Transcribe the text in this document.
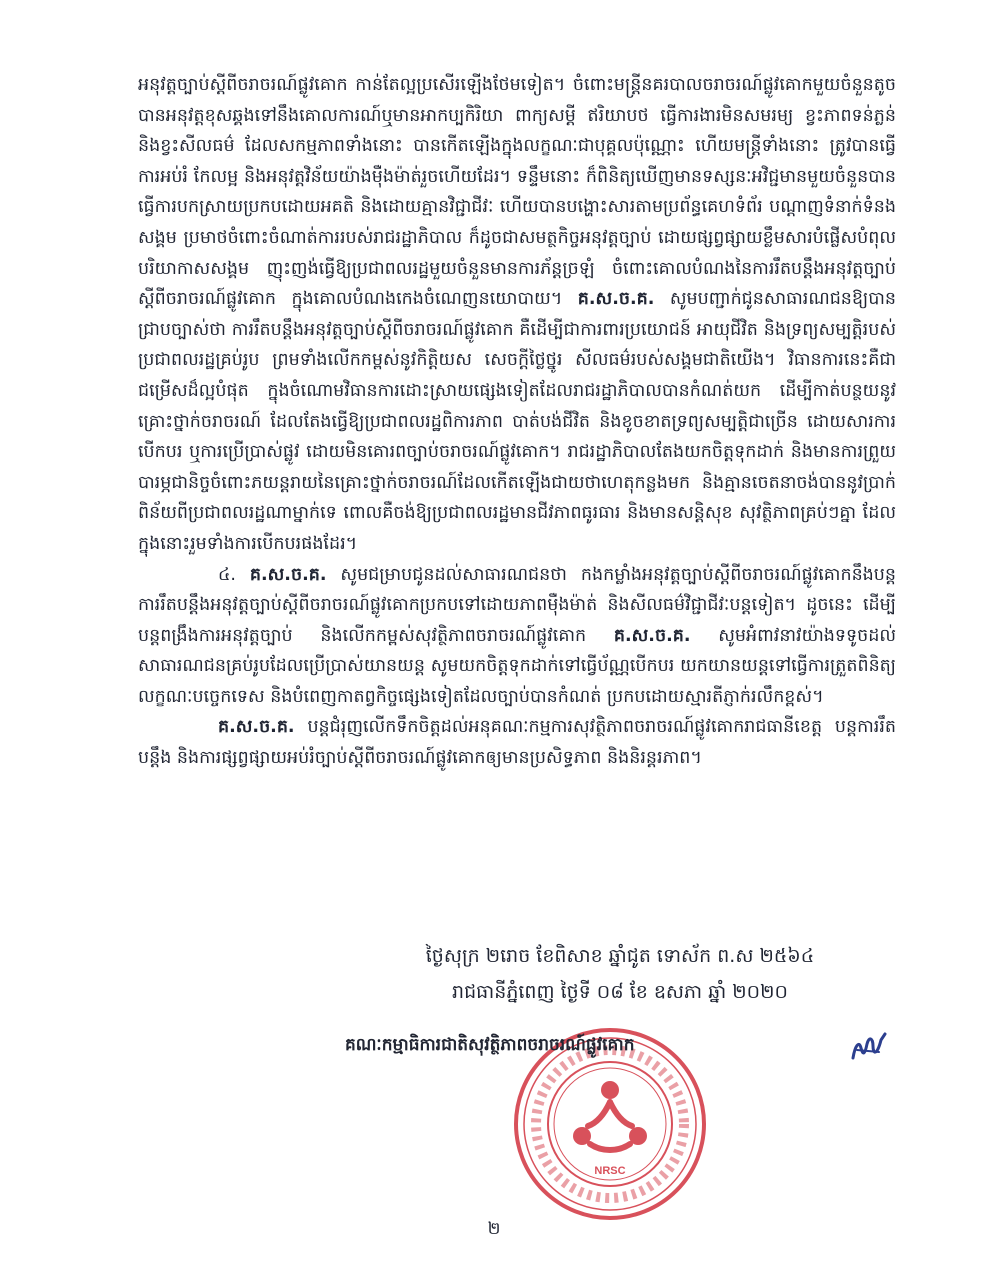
អនុវត្តច្បាប់ស្តីពីចរាចរណ៍ផ្លូវគោក កាន់តែល្អប្រសើរឡើងថែមទៀត។ ចំពោះមន្ត្រីនគរបាលចរាចរណ៍ផ្លូវគោកមួយចំនួនតូចបានអនុវត្តខុសឆ្គងទៅនឹងគោលការណ៍ឬមានអាកប្បកិរិយា ពាក្យសម្តី ឥរិយាបថ ធ្វើការងារមិនសមរម្យ ខ្វះភាពទន់ភ្លន់ និងខ្វះសីលធម៌ ដែលសកម្មភាពទាំងនោះ បានកើតឡើងក្នុងលក្ខណៈជាបុគ្គលប៉ុណ្ណោះ ហើយមន្ត្រីទាំងនោះ ត្រូវបានធ្វើការអប់រំ កែលម្អ និងអនុវត្តវិន័យយ៉ាងម៉ឺងម៉ាត់រួចហើយដែរ។ ទន្ទឹមនោះ ក៏ពិនិត្យឃើញមានទស្សនៈអវិជ្ជមានមួយចំនួនបានធ្វើការបកស្រាយប្រកបដោយអគតិ និងដោយគ្មានវិជ្ជាជីវៈ ហើយបានបង្ហោះសារតាមប្រព័ន្ធគេហទំព័រ បណ្តាញទំនាក់ទំនងសង្គម ប្រមាថចំពោះចំណាត់ការរបស់រាជរដ្ឋាភិបាល ក៏ដូចជាសមត្ថកិច្ចអនុវត្តច្បាប់ ដោយផ្សព្វផ្សាយខ្លឹមសារបំផ្លើសបំពុលបរិយាកាសសង្គម ញុះញង់ធ្វើឱ្យប្រជាពលរដ្ឋមួយចំនួនមានការភ័ន្តច្រឡំ ចំពោះគោលបំណងនៃការរឹតបន្តឹងអនុវត្តច្បាប់ស្តីពីចរាចរណ៍ផ្លូវគោក ក្នុងគោលបំណងកេងចំណេញនយោបាយ។ គ.ស.ច.គ. សូមបញ្ជាក់ជូនសាធារណជនឱ្យបានជ្រាបច្បាស់ថា ការរឹតបន្តឹងអនុវត្តច្បាប់ស្តីពីចរាចរណ៍ផ្លូវគោក គឺដើម្បីជាការពារប្រយោជន៍ អាយុជីវិត និងទ្រព្យសម្បត្តិរបស់ប្រជាពលរដ្ឋគ្រប់រូប ព្រមទាំងលើកកម្ពស់នូវកិត្តិយស សេចក្តីថ្លៃថ្នូរ សីលធម៌របស់សង្គមជាតិយើង។ វិធានការនេះគឺជាជម្រើសដ៏ល្អបំផុត ក្នុងចំណោមវិធានការដោះស្រាយផ្សេងទៀតដែលរាជរដ្ឋាភិបាលបានកំណត់យក ដើម្បីកាត់បន្ថយនូវគ្រោះថ្នាក់ចរាចរណ៍ ដែលតែងធ្វើឱ្យប្រជាពលរដ្ឋពិការភាព បាត់បង់ជីវិត និងខូចខាតទ្រព្យសម្បត្តិជាច្រើន ដោយសារការបើកបរ ឬការប្រើប្រាស់ផ្លូវ ដោយមិនគោរពច្បាប់ចរាចរណ៍ផ្លូវគោក។ រាជរដ្ឋាភិបាលតែងយកចិត្តទុកដាក់ និងមានការព្រួយបារម្ភជានិច្ចចំពោះភយន្តរាយនៃគ្រោះថ្នាក់ចរាចរណ៍ដែលកើតឡើងជាយថាហេតុកន្លងមក និងគ្មានចេតនាចង់បាននូវប្រាក់ពិន័យពីប្រជាពលរដ្ឋណាម្នាក់ទេ ពោលគឺចង់ឱ្យប្រជាពលរដ្ឋមានជីវភាពធូរធារ និងមានសន្តិសុខ សុវត្ថិភាពគ្រប់ៗគ្នា ដែលក្នុងនោះរួមទាំងការបើកបរផងដែរ។

៤. គ.ស.ច.គ. សូមជម្រាបជូនដល់សាធារណជនថា កងកម្លាំងអនុវត្តច្បាប់ស្តីពីចរាចរណ៍ផ្លូវគោកនឹងបន្តការរឹតបន្តឹងអនុវត្តច្បាប់ស្តីពីចរាចរណ៍ផ្លូវគោកប្រកបទៅដោយភាពម៉ឺងម៉ាត់ និងសីលធម៌វិជ្ជាជីវៈបន្តទៀត។ ដូចនេះ ដើម្បីបន្តពង្រឹងការអនុវត្តច្បាប់ និងលើកកម្ពស់សុវត្ថិភាពចរាចរណ៍ផ្លូវគោក គ.ស.ច.គ. សូមអំពាវនាវយ៉ាងទទូចដល់សាធារណជនគ្រប់រូបដែលប្រើប្រាស់យានយន្ត សូមយកចិត្តទុកដាក់ទៅធ្វើប័ណ្ណបើកបរ យកយានយន្តទៅធ្វើការត្រួតពិនិត្យលក្ខណៈបច្ចេកទេស និងបំពេញកាតព្វកិច្ចផ្សេងទៀតដែលច្បាប់បានកំណត់ ប្រកបដោយស្មារតីភ្ញាក់រលឹកខ្ពស់។

គ.ស.ច.គ. បន្តជំរុញលើកទឹកចិត្តដល់អនុគណៈកម្មការសុវត្ថិភាពចរាចរណ៍ផ្លូវគោករាជធានីខេត្ត បន្តការរឹតបន្តឹង និងការផ្សព្វផ្សាយអប់រំច្បាប់ស្តីពីចរាចរណ៍ផ្លូវគោកឲ្យមានប្រសិទ្ធភាព និងនិរន្តរភាព។

ថ្ងៃសុក្រ ២រោច ខែពិសាខ ឆ្នាំជូត ទោស័ក ព.ស ២៥៦៤
រាជធានីភ្នំពេញ ថ្ងៃទី ០៨ ខែ ឧសភា ឆ្នាំ ២០២០
NRSC
គណៈកម្មាធិការជាតិសុវត្ថិភាពចរាចរណ៍ផ្លូវគោក
២
